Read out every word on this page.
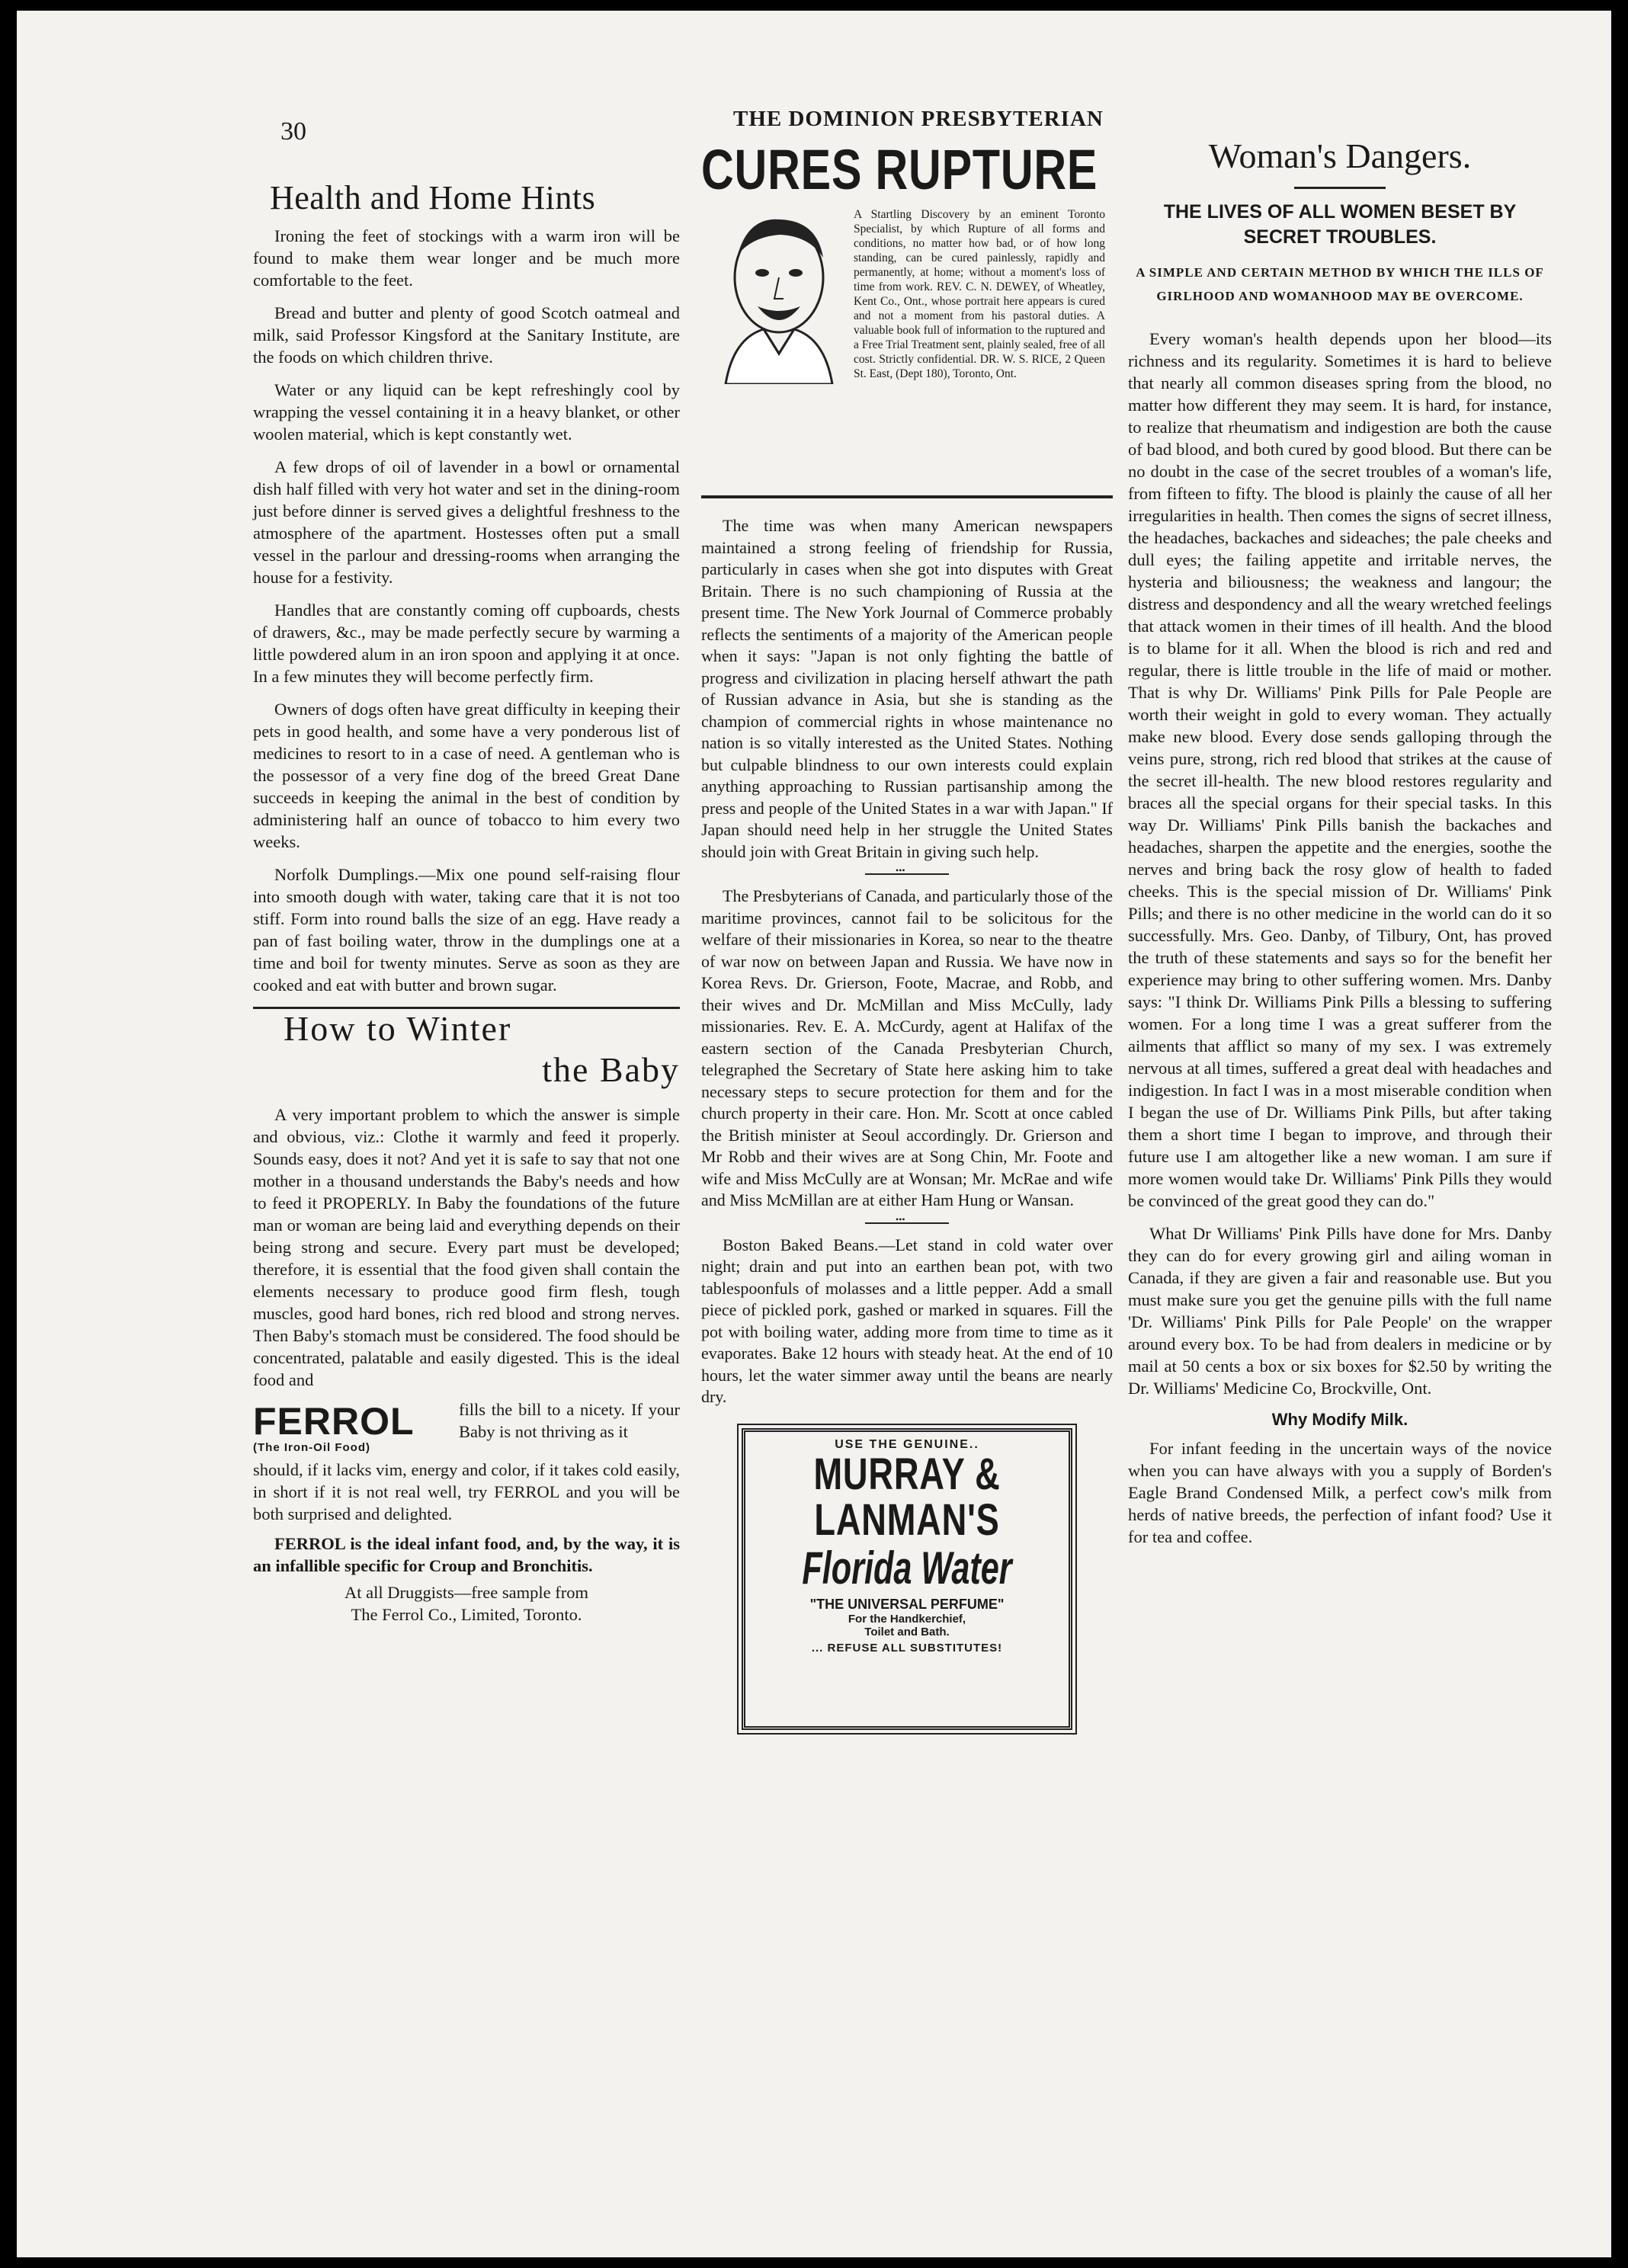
30	THE DOMINION PRESBYTERIAN
Health and Home Hints

Ironing the feet of stockings with a warm iron will be found to make them wear longer and be much more comfortable to the feet.

Bread and butter and plenty of good Scotch oatmeal and milk, said Professor Kingsford at the Sanitary Institute, are the foods on which children thrive.

Water or any liquid can be kept refreshingly cool by wrapping the vessel containing it in a heavy blanket, or other woolen material, which is kept constantly wet.

A few drops of oil of lavender in a bowl or ornamental dish half filled with very hot water and set in the dining-room just before dinner is served gives a delightful freshness to the atmosphere of the apartment. Hostesses often put a small vessel in the parlour and dressing-rooms when arranging the house for a festivity.

Handles that are constantly coming off cupboards, chests of drawers, &c., may be made perfectly secure by warming a little powdered alum in an iron spoon and applying it at once. In a few minutes they will become perfectly firm.

Owners of dogs often have great difficulty in keeping their pets in good health, and some have a very ponderous list of medicines to resort to in a case of need. A gentleman who is the possessor of a very fine dog of the breed Great Dane succeeds in keeping the animal in the best of condition by administering half an ounce of tobacco to him every two weeks.

Norfolk Dumplings.—Mix one pound self-raising flour into smooth dough with water, taking care that it is not too stiff. Form into round balls the size of an egg. Have ready a pan of fast boiling water, throw in the dumplings one at a time and boil for twenty minutes. Serve as soon as they are cooked and eat with butter and brown sugar.

How to Winter
the Baby

A very important problem to which the answer is simple and obvious, viz.: Clothe it warmly and feed it properly. Sounds easy, does it not? And yet it is safe to say that not one mother in a thousand understands the Baby's needs and how to feed it PROPERLY. In Baby the foundations of the future man or woman are being laid and everything depends on their being strong and secure. Every part must be developed; therefore, it is essential that the food given shall contain the elements necessary to produce good firm flesh, tough muscles, good hard bones, rich red blood and strong nerves. Then Baby's stomach must be considered. The food should be concentrated, palatable and easily digested. This is the ideal food and

FERROL
(The Iron-Oil Food)
fills the bill to a nicety. If your Baby is not thriving as it
should, if it lacks vim, energy and color, if it takes cold easily, in short if it is not real well, try FERROL and you will be both surprised and delighted.
FERROL is the ideal infant food, and, by the way, it is an infallible specific for Croup and Bronchitis.

At all Druggists—free sample from

The Ferrol Co., Limited, Toronto.

CURES RUPTURE
A Startling Discovery by an eminent Toronto Specialist, by which Rupture of all forms and conditions, no matter how bad, or of how long standing, can be cured painlessly, rapidly and permanently, at home; without a moment's loss of time from work. REV. C. N. DEWEY, of Wheatley, Kent Co., Ont., whose portrait here appears is cured and not a moment from his pastoral duties. A valuable book full of information to the ruptured and a Free Trial Treatment sent, plainly sealed, free of all cost. Strictly confidential. DR. W. S. RICE, 2 Queen St. East, (Dept 180), Toronto, Ont.

The time was when many American newspapers maintained a strong feeling of friendship for Russia, particularly in cases when she got into disputes with Great Britain. There is no such championing of Russia at the present time. The New York Journal of Commerce probably reflects the sentiments of a majority of the American people when it says: "Japan is not only fighting the battle of progress and civilization in placing herself athwart the path of Russian advance in Asia, but she is standing as the champion of commercial rights in whose maintenance no nation is so vitally interested as the United States. Nothing but culpable blindness to our own interests could explain anything approaching to Russian partisanship among the press and people of the United States in a war with Japan." If Japan should need help in her struggle the United States should join with Great Britain in giving such help.

•••

The Presbyterians of Canada, and particularly those of the maritime provinces, cannot fail to be solicitous for the welfare of their missionaries in Korea, so near to the theatre of war now on between Japan and Russia. We have now in Korea Revs. Dr. Grierson, Foote, Macrae, and Robb, and their wives and Dr. McMillan and Miss McCully, lady missionaries. Rev. E. A. McCurdy, agent at Halifax of the eastern section of the Canada Presbyterian Church, telegraphed the Secretary of State here asking him to take necessary steps to secure protection for them and for the church property in their care. Hon. Mr. Scott at once cabled the British minister at Seoul accordingly. Dr. Grierson and Mr Robb and their wives are at Song Chin, Mr. Foote and wife and Miss McCully are at Wonsan; Mr. McRae and wife and Miss McMillan are at either Ham Hung or Wansan.

•••

Boston Baked Beans.—Let stand in cold water over night; drain and put into an earthen bean pot, with two tablespoonfuls of molasses and a little pepper. Add a small piece of pickled pork, gashed or marked in squares. Fill the pot with boiling water, adding more from time to time as it evaporates. Bake 12 hours with steady heat. At the end of 10 hours, let the water simmer away until the beans are nearly dry.

USE THE GENUINE..
MURRAY &
LANMAN'S
Florida Water
"THE UNIVERSAL PERFUME"
For the Handkerchief,
Toilet and Bath.
... REFUSE ALL SUBSTITUTES!
Woman's Dangers.
THE LIVES OF ALL WOMEN BESET BY SECRET TROUBLES.
A SIMPLE AND CERTAIN METHOD BY WHICH THE ILLS OF GIRLHOOD AND WOMANHOOD MAY BE OVERCOME.

Every woman's health depends upon her blood—its richness and its regularity. Sometimes it is hard to believe that nearly all common diseases spring from the blood, no matter how different they may seem. It is hard, for instance, to realize that rheumatism and indigestion are both the cause of bad blood, and both cured by good blood. But there can be no doubt in the case of the secret troubles of a woman's life, from fifteen to fifty. The blood is plainly the cause of all her irregularities in health. Then comes the signs of secret illness, the headaches, backaches and sideaches; the pale cheeks and dull eyes; the failing appetite and irritable nerves, the hysteria and biliousness; the weakness and langour; the distress and despondency and all the weary wretched feelings that attack women in their times of ill health. And the blood is to blame for it all. When the blood is rich and red and regular, there is little trouble in the life of maid or mother. That is why Dr. Williams' Pink Pills for Pale People are worth their weight in gold to every woman. They actually make new blood. Every dose sends galloping through the veins pure, strong, rich red blood that strikes at the cause of the secret ill-health. The new blood restores regularity and braces all the special organs for their special tasks. In this way Dr. Williams' Pink Pills banish the backaches and headaches, sharpen the appetite and the energies, soothe the nerves and bring back the rosy glow of health to faded cheeks. This is the special mission of Dr. Williams' Pink Pills; and there is no other medicine in the world can do it so successfully. Mrs. Geo. Danby, of Tilbury, Ont, has proved the truth of these statements and says so for the benefit her experience may bring to other suffering women. Mrs. Danby says: "I think Dr. Williams Pink Pills a blessing to suffering women. For a long time I was a great sufferer from the ailments that afflict so many of my sex. I was extremely nervous at all times, suffered a great deal with headaches and indigestion. In fact I was in a most miserable condition when I began the use of Dr. Williams Pink Pills, but after taking them a short time I began to improve, and through their future use I am altogether like a new woman. I am sure if more women would take Dr. Williams' Pink Pills they would be convinced of the great good they can do."

What Dr Williams' Pink Pills have done for Mrs. Danby they can do for every growing girl and ailing woman in Canada, if they are given a fair and reasonable use. But you must make sure you get the genuine pills with the full name 'Dr. Williams' Pink Pills for Pale People' on the wrapper around every box. To be had from dealers in medicine or by mail at 50 cents a box or six boxes for $2.50 by writing the Dr. Williams' Medicine Co, Brockville, Ont.

Why Modify Milk.

For infant feeding in the uncertain ways of the novice when you can have always with you a supply of Borden's Eagle Brand Condensed Milk, a perfect cow's milk from herds of native breeds, the perfection of infant food? Use it for tea and coffee.
